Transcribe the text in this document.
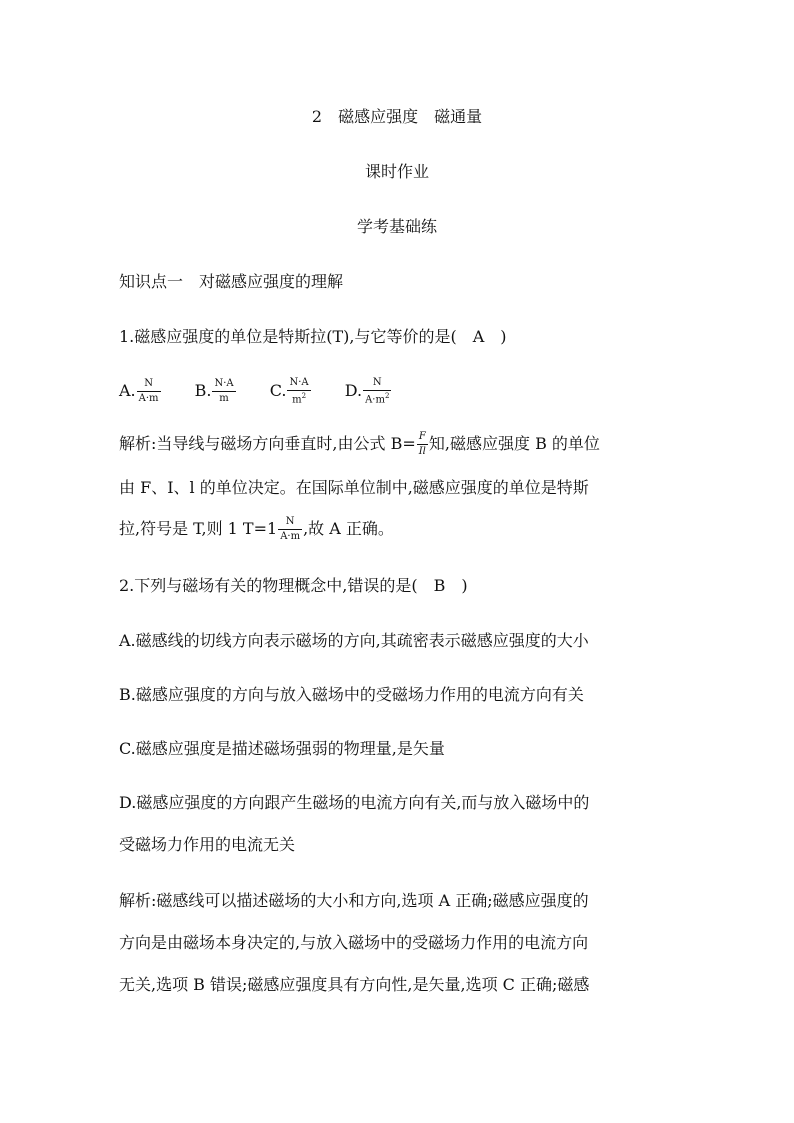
2　磁感应强度　磁通量
课时作业
学考基础练
知识点一　对磁感应强度的理解
1.磁感应强度的单位是特斯拉(T),与它等价的是(　A　)
A. $\frac{N}{A\cdot m} B$. $\frac{N\cdot A}{m} C$. $\frac{N\cdot A}{m^2} D$. $\frac{N}{A\cdot m^2}$
解析:当导线与磁场方向垂直时,由公式 $B= \frac{F}{Il}$ 知,磁感应强度 B 的单位
由 F、I、l 的单位决定。在国际单位制中,磁感应强度的单位是特斯
拉,符号是 T,则 1 $T=1 \frac{N}{A\cdot m}$ ,故 A 正确。
2.下列与磁场有关的物理概念中,错误的是(　B　)
A.磁感线的切线方向表示磁场的方向,其疏密表示磁感应强度的大小
B.磁感应强度的方向与放入磁场中的受磁场力作用的电流方向有关
C.磁感应强度是描述磁场强弱的物理量,是矢量
D.磁感应强度的方向跟产生磁场的电流方向有关,而与放入磁场中的
受磁场力作用的电流无关
解析:磁感线可以描述磁场的大小和方向,选项 A 正确;磁感应强度的
方向是由磁场本身决定的,与放入磁场中的受磁场力作用的电流方向
无关,选项 B 错误;磁感应强度具有方向性,是矢量,选项 C 正确;磁感
